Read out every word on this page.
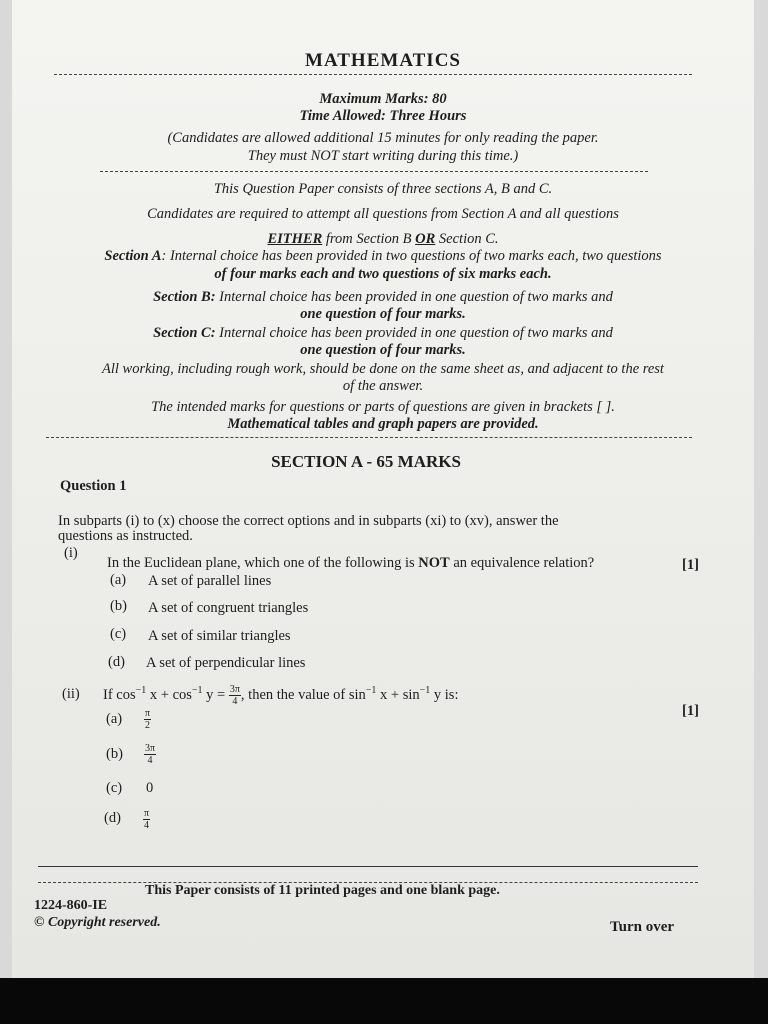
MATHEMATICS
Maximum Marks: 80
Time Allowed: Three Hours
(Candidates are allowed additional 15 minutes for only reading the paper.
They must NOT start writing during this time.)
This Question Paper consists of three sections A, B and C.
Candidates are required to attempt all questions from Section A and all questions
EITHER from Section B OR Section C.
Section A: Internal choice has been provided in two questions of two marks each, two questions
of four marks each and two questions of six marks each.
Section B: Internal choice has been provided in one question of two marks and
one question of four marks.
Section C: Internal choice has been provided in one question of two marks and
one question of four marks.
All working, including rough work, should be done on the same sheet as, and adjacent to the rest
of the answer.
The intended marks for questions or parts of questions are given in brackets [ ].
Mathematical tables and graph papers are provided.
SECTION A - 65 MARKS
Question 1
In subparts (i) to (x) choose the correct options and in subparts (xi) to (xv), answer the
questions as instructed.
(i)
In the Euclidean plane, which one of the following is NOT an equivalence relation?	[1]
(a) A set of parallel lines
(b) A set of congruent triangles
(c) A set of similar triangles
(d) A set of perpendicular lines
(ii) If $\cos^{-1} x + \cos^{-1} y = \frac{3\pi}{4}$ , then the value of $\sin^{-1} x + \sin^{-1} y$ is:
[1]
$(a) \frac{\pi}{2}$
$(b) \frac{3\pi}{4}$
(c) 0
$(d) \frac{\pi}{4}$
This Paper consists of 11 printed pages and one blank page.
1224-860-IE
© Copyright reserved.	Turn over
